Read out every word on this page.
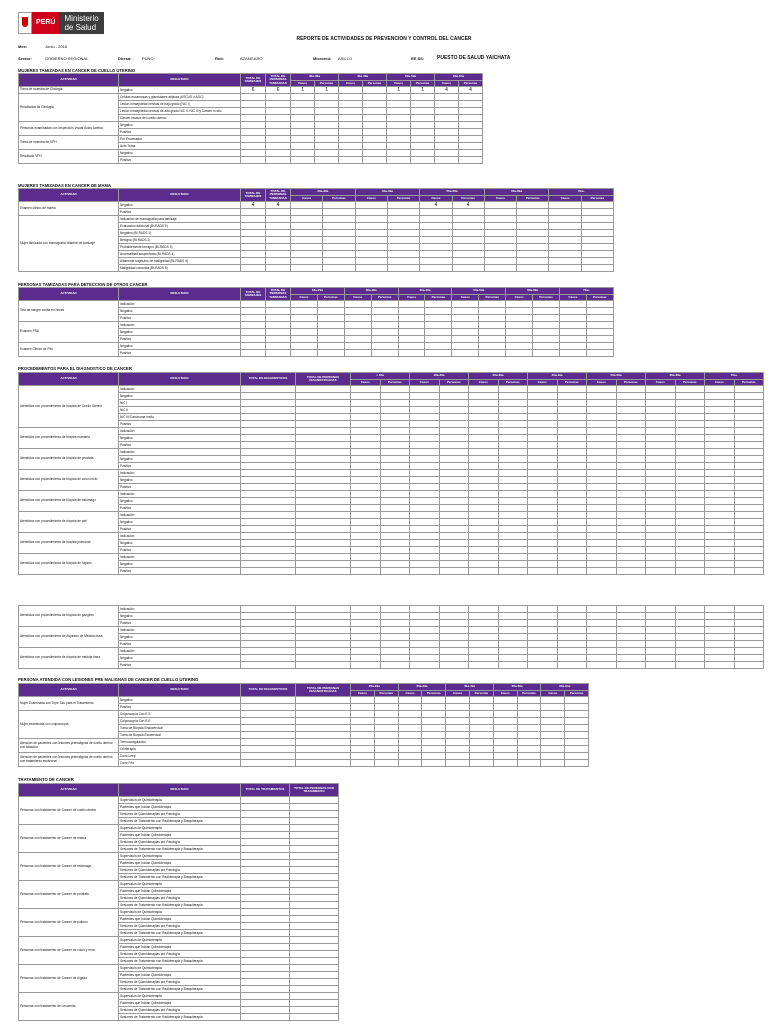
PERÚ	Ministerio
de Salud
REPORTE DE ACTIVIDADES DE PREVENCION Y CONTROL DEL CANCER
Mes:	Junio - 2018
Sector:	GOBIERNO REGIONAL	Diresa:	PUNO	Red:	AZANGARO	Microred: ASILLO	EE.SS:	PUESTO DE SALUD YAICHATA
MUJERES TAMIZADAS EN CANCER DE CUELLO UTERINO
ACTIVIDAD	RESULTADO	TOTAL DE TAMIZAJES	TOTAL DE PERSONAS TAMIZADAS	30a-39a		40a-49a		50a-59a		60a-64a	
				Casos	Personas	Casos	Personas	Casos	Personas	Casos	Personas
Toma de muestra de Citologia	Negativo	6	6	1	1			1	1	4	4
Resultados de Citologia	Celulas escamosas y glandulares atipicas (ASCUS o AGC)										
	Lesion Intraepitelial cervical de bajo grado (NIC I)										
	Lesion Intraepitelial cervical de alto grado NIC II, NIC III y Cancer in situ										
	Cancer invasor del cuello uterino										
Personas examinadas con Inspección Visual Ácido Acético	Negativo										
	Positivo										
Toma de muestra de VPH	Por Procesador										
	Auto Toma										
Resultado VPH	Negativo										
	Positivo										
MUJERES TAMIZADAS EN CANCER DE MAMA
ACTIVIDAD	RESULTADO	TOTAL DE TAMIZAJES	TOTAL DE PERSONAS TAMIZADAS	30a-39a		40a-49a		50a-59a		60a-69a		70a+	
				Casos	Personas	Casos	Personas	Casos	Personas	Casos	Personas	Casos	Personas
Examen clinico de mama	Negativo	4	4					4	4				
	Positivo												
Mujer tamizada con mamografía bilateral de tamizaje	Indicación de mamografía para tamizaje												
	Evaluación adicional (BI-RADS 0)												
	Negativo (BI-RADS 1)												
	Benigno (BI-RADS 2)												
	Probablemente benigno (BI-RADS 3)												
	Anormalidad sospechosa (BI-RADS 4)												
	Altamente sugestivo de malignidad (BI-RADS 5)												
	Malignidad conocida (BI-RADS 6)												
PERSONAS TAMIZADAS PARA DETECCION DE OTROS CANCER
ACTIVIDAD	RESULTADO	TOTAL DE TAMIZAJES	TOTAL DE PERSONAS TAMIZADAS	18a-29a		30a-39a		40a-49a		50a-59a		60a-69a		70a+	
				Casos	Personas	Casos	Personas	Casos	Personas	Casos	Personas	Casos	Personas	Casos	Personas
Test de sangre oculta en heces	Indicación														
	Negativo														
	Positivo														
Examen PSA	Indicación														
	Negativo														
	Positivo														
Examen Clinico de Piel	Negativo														
	Positivo														
PROCEDIMIENTOS PARA EL DIAGNOSTICO DE CANCER
ACTIVIDAD	RESULTADO	TOTAL DE DIAGNOSTICOS	TOTAL DE PERSONAS DIAGNOSTICADAS	< 18a		18a-29a		30a-39a		40a-49a		50a-59a		60a-69a		70a+	
				Casos	Personas	Casos	Personas	Casos	Personas	Casos	Personas	Casos	Personas	Casos	Personas	Casos	Personas
Atendidos con procedimiento de biopsia de Cuello Uterino	Indicación																
	Negativo																
	NIC I																
	NIC II																
	NIC III/Carcinoma insitu																
	Positivo																
Atendidos con procedimiento de biopsia mamaria	Indicación																
	Negativo																
	Positivo																
Atendidos con procedimiento de biopsia de prostata	Indicación																
	Negativo																
	Positivo																
Atendidos con procedimiento de biopsia de colon recto	Indicación																
	Negativo																
	Positivo																
Atendidos con procedimiento de biopsia de estómago	Indicación																
	Negativo																
	Positivo																
Atendidos con procedimiento de biopsia de piel	Indicación																
	Negativo																
	Positivo																
Atendidos con procedimiento de biopsia pulmonar	Indicación																
	Negativo																
	Positivo																
Atendidos con procedimiento de biopsia de hígado	Indicación																
	Negativo																
	Positivo																
Atendidos con procedimiento de biopsia de ganglios	Indicación																
	Negativo																
	Positivo																
Atendidos con procedimiento de Aspirado de Médula ósea	Indicación																
	Negativo																
	Positivo																
Atendidos con procedimiento de biopsia de médula ósea	Indicación																
	Negativo																
	Positivo																
PERSONA ATENDIDA CON LESIONES PRE MALIGNAS DE CANCER DE CUELLO UTERINO
ACTIVIDAD	RESULTADO	TOTAL DE DIAGNOSTICOS	TOTAL DE PERSONAS DIAGNOSTICADAS	25a-29a		30a-39a		40a-49a		50a-59a		60a-64a	
				Casos	Personas	Casos	Personas	Casos	Personas	Casos	Personas	Casos	Personas
Mujer Examinada con Tripe Ssu para el Tratamiento	Negativo												
	Positivo												
Mujer examinada con colposcopía	Colposcopía Con E.S												
	Colposcopía Con E.E												
	Toma de Biopsia Endocervical												
	Toma de Biopsia Exocervical												
Atención de pacientes con lesiones premalignas de cuello uterino con ablación	Termocoagulación												
	Crioterapia												
Atención de pacientes con lesiones premalignas de cuello uterino con tratamiento escisional	Cono Leep												
	Cono Frio												
TRATAMIENTO DE CANCER
ACTIVIDAD	RESULTADO	TOTAL DE TRATAMIENTOS	TOTAL DE PERSONAS CON TRATAMIENTO
Personas con tratamiento de Cancer de cuello uterino	Supervisión de Quimioterapia		
	Pacientes que Inician Quimioterapia		
	Sesiones de Quimioterapias por Patología		
	Sesiones de Tratamiento con Radioterapia y Braquiterapia		
Personas con tratamiento de Cancer de mama	Supervisión de Quimioterapia		
	Pacientes que Inician Quimioterapia		
	Sesiones de Quimioterapias por Patología		
	Sesiones de Tratamiento con Radioterapia y Braquiterapia		
Personas con tratamiento de Cancer de estómago	Supervisión de Quimioterapia		
	Pacientes que Inician Quimioterapia		
	Sesiones de Quimioterapias por Patología		
	Sesiones de Tratamiento con Radioterapia y Braquiterapia		
Personas con tratamiento de Cancer de próstata	Supervisión de Quimioterapia		
	Pacientes que Inician Quimioterapia		
	Sesiones de Quimioterapias por Patología		
	Sesiones de Tratamiento con Radioterapia y Braquiterapia		
Personas con tratamiento de Cancer de pulmón	Supervisión de Quimioterapia		
	Pacientes que Inician Quimioterapia		
	Sesiones de Quimioterapias por Patología		
	Sesiones de Tratamiento con Radioterapia y Braquiterapia		
Personas con tratamiento de Cancer de colon y recto	Supervisión de Quimioterapia		
	Pacientes que Inician Quimioterapia		
	Sesiones de Quimioterapias por Patología		
	Sesiones de Tratamiento con Radioterapia y Braquiterapia		
Personas con tratamiento de Cancer de hígado	Supervisión de Quimioterapia		
	Pacientes que Inician Quimioterapia		
	Sesiones de Quimioterapias por Patología		
	Sesiones de Tratamiento con Radioterapia y Braquiterapia		
Personas con tratamiento de Leucemia	Supervisión de Quimioterapia		
	Pacientes que Inician Quimioterapia		
	Sesiones de Quimioterapias por Patología		
	Sesiones de Tratamiento con Radioterapia y Braquiterapia		
